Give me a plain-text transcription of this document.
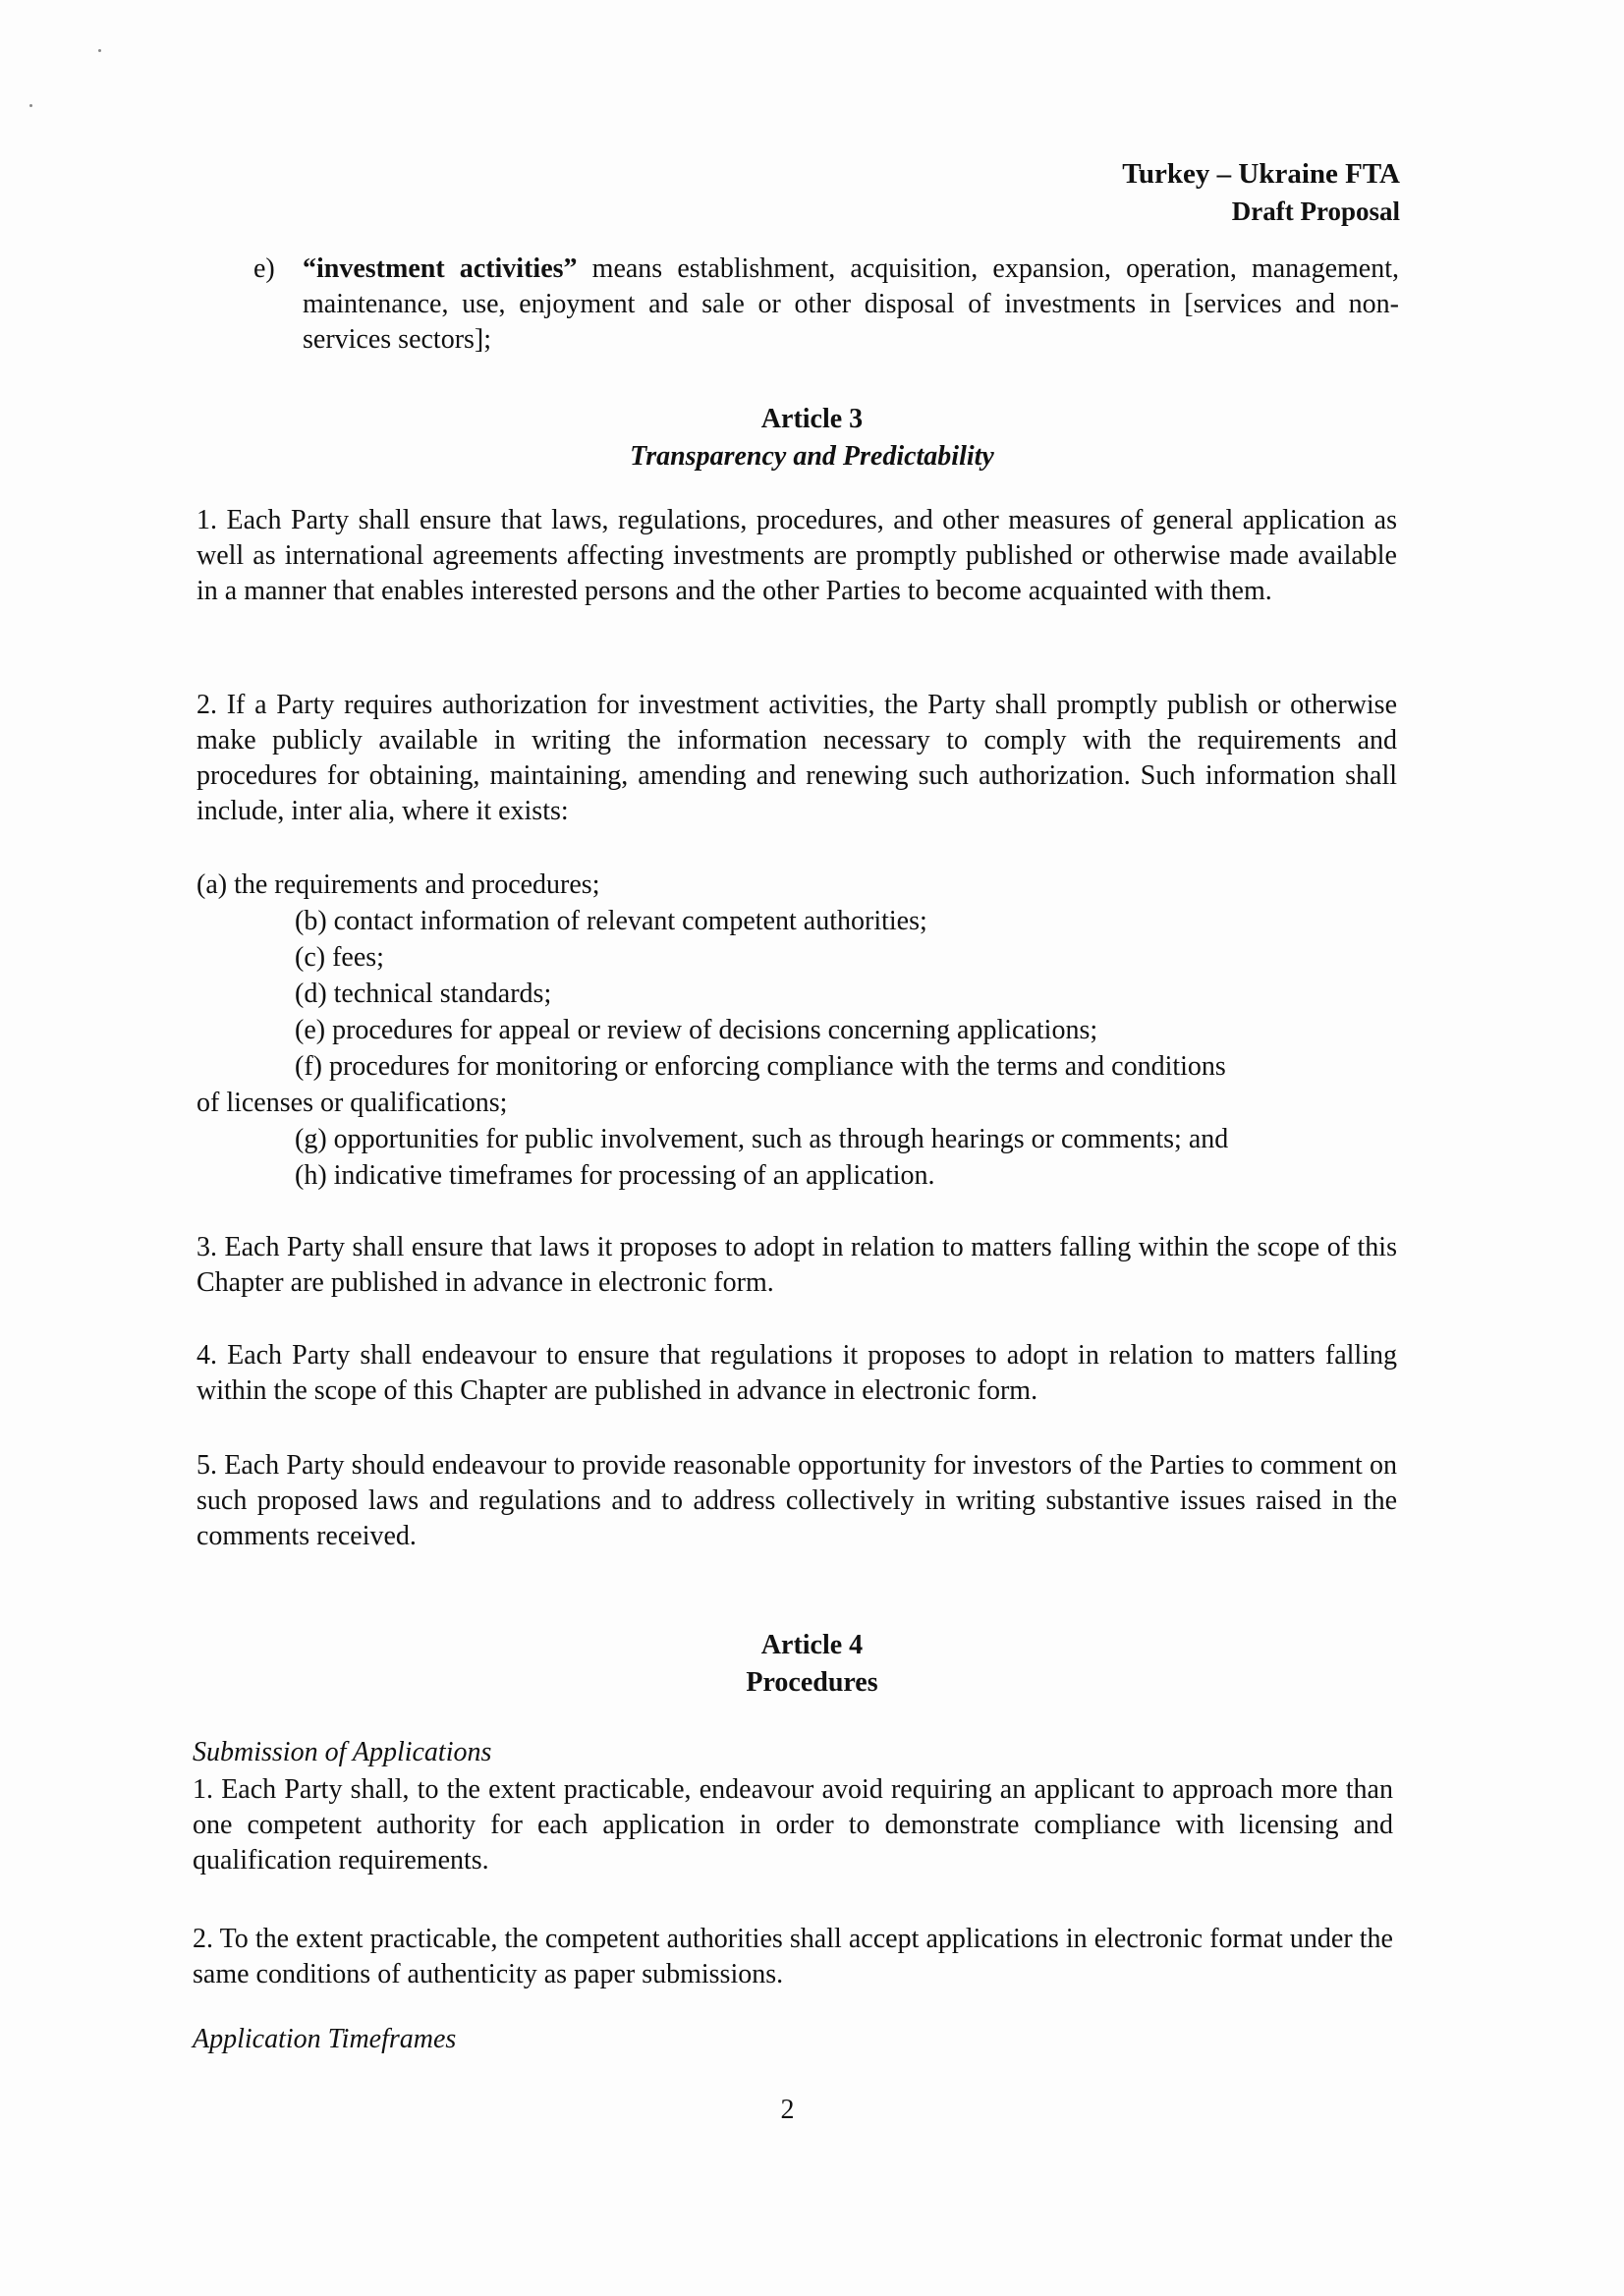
Turkey – Ukraine FTA
Draft Proposal
e) “investment activities” means establishment, acquisition, expansion, operation, management, maintenance, use, enjoyment and sale or other disposal of investments in [services and non-services sectors];
Article 3
Transparency and Predictability
1. Each Party shall ensure that laws, regulations, procedures, and other measures of general application as well as international agreements affecting investments are promptly published or otherwise made available in a manner that enables interested persons and the other Parties to become acquainted with them.
2. If a Party requires authorization for investment activities, the Party shall promptly publish or otherwise make publicly available in writing the information necessary to comply with the requirements and procedures for obtaining, maintaining, amending and renewing such authorization. Such information shall include, inter alia, where it exists:
(a) the requirements and procedures;
(b) contact information of relevant competent authorities;
(c) fees;
(d) technical standards;
(e) procedures for appeal or review of decisions concerning applications;
(f) procedures for monitoring or enforcing compliance with the terms and conditions
of licenses or qualifications;
(g) opportunities for public involvement, such as through hearings or comments; and
(h) indicative timeframes for processing of an application.
3. Each Party shall ensure that laws it proposes to adopt in relation to matters falling within the scope of this Chapter are published in advance in electronic form.
4. Each Party shall endeavour to ensure that regulations it proposes to adopt in relation to matters falling within the scope of this Chapter are published in advance in electronic form.
5. Each Party should endeavour to provide reasonable opportunity for investors of the Parties to comment on such proposed laws and regulations and to address collectively in writing substantive issues raised in the comments received.
Article 4
Procedures
Submission of Applications
1. Each Party shall, to the extent practicable, endeavour avoid requiring an applicant to approach more than one competent authority for each application in order to demonstrate compliance with licensing and qualification requirements.
2. To the extent practicable, the competent authorities shall accept applications in electronic format under the same conditions of authenticity as paper submissions.
Application Timeframes
2
